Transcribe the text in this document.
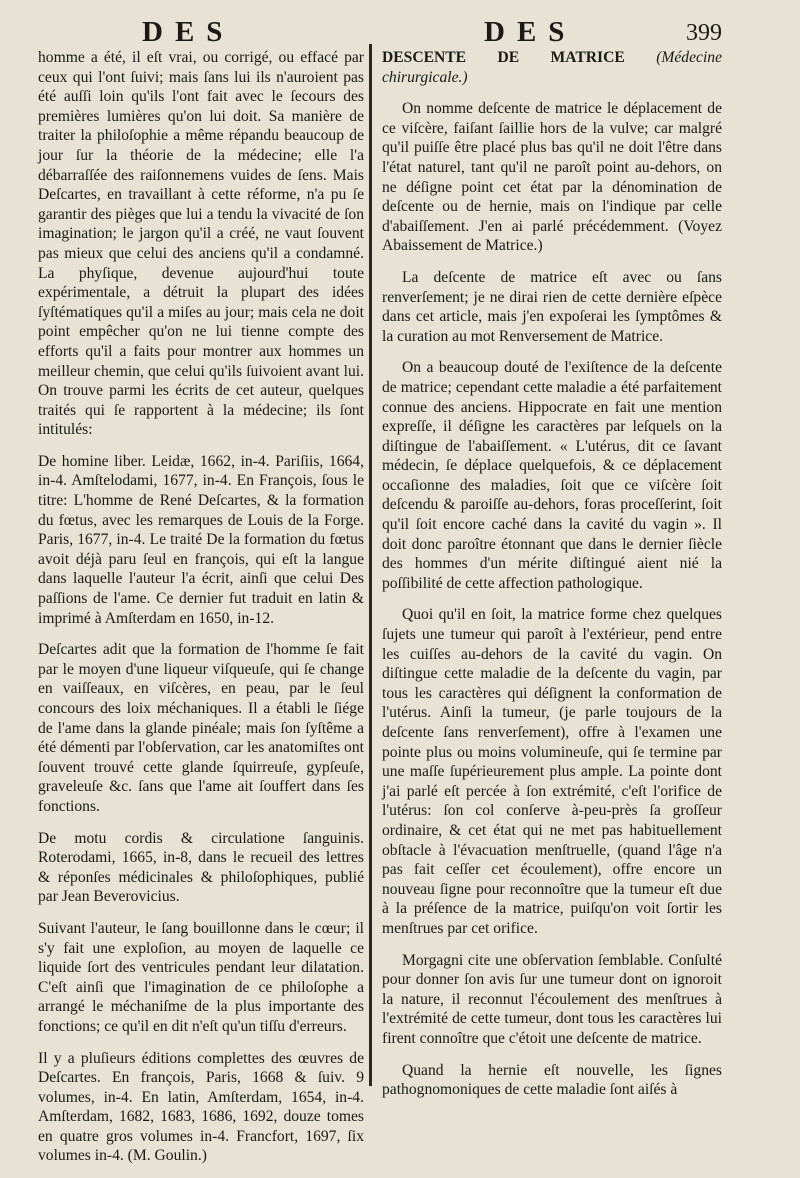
DES	DES	399

homme a été, il eſt vrai, ou corrigé, ou effacé par ceux qui l'ont ſuivi; mais ſans lui ils n'auroient pas été auſſi loin qu'ils l'ont fait avec le ſecours des premières lumières qu'on lui doit. Sa manière de traiter la philoſophie a même répandu beaucoup de jour ſur la théorie de la médecine; elle l'a débarraſſée des raiſonnemens vuides de ſens. Mais Deſcartes, en travaillant à cette réforme, n'a pu ſe garantir des pièges que lui a tendu la vivacité de ſon imagination; le jargon qu'il a créé, ne vaut ſouvent pas mieux que celui des anciens qu'il a condamné. La phyſique, devenue aujourd'hui toute expérimentale, a détruit la plupart des idées ſyſtématiques qu'il a miſes au jour; mais cela ne doit point empêcher qu'on ne lui tienne compte des efforts qu'il a faits pour montrer aux hommes un meilleur chemin, que celui qu'ils ſuivoient avant lui. On trouve parmi les écrits de cet auteur, quelques traités qui ſe rapportent à la médecine; ils ſont intitulés:

De homine liber. Leidæ, 1662, in-4. Pariſiis, 1664, in-4. Amſtelodami, 1677, in-4. En François, ſous le titre: L'homme de René Deſcartes, & la formation du fœtus, avec les remarques de Louis de la Forge. Paris, 1677, in-4. Le traité De la formation du fœtus avoit déjà paru ſeul en françois, qui eſt la langue dans laquelle l'auteur l'a écrit, ainſi que celui Des paſſions de l'ame. Ce dernier fut traduit en latin & imprimé à Amſterdam en 1650, in-12.

Deſcartes adit que la formation de l'homme ſe fait par le moyen d'une liqueur viſqueuſe, qui ſe change en vaiſſeaux, en viſcères, en peau, par le ſeul concours des loix méchaniques. Il a établi le ſiége de l'ame dans la glande pinéale; mais ſon ſyſtême a été démenti par l'obſervation, car les anatomiſtes ont ſouvent trouvé cette glande ſquirreuſe, gypſeuſe, graveleuſe &c. ſans que l'ame ait ſouffert dans ſes fonctions.

De motu cordis & circulatione ſanguinis. Roterodami, 1665, in-8, dans le recueil des lettres & réponſes médicinales & philoſophiques, publié par Jean Beverovicius.

Suivant l'auteur, le ſang bouillonne dans le cœur; il s'y fait une exploſion, au moyen de laquelle ce liquide ſort des ventricules pendant leur dilatation. C'eſt ainſi que l'imagination de ce philoſophe a arrangé le méchaniſme de la plus importante des fonctions; ce qu'il en dit n'eſt qu'un tiſſu d'erreurs.

Il y a pluſieurs éditions complettes des œuvres de Deſcartes. En françois, Paris, 1668 & ſuiv. 9 volumes, in-4. En latin, Amſterdam, 1654, in-4. Amſterdam, 1682, 1683, 1686, 1692, douze tomes en quatre gros volumes in-4. Francfort, 1697, ſix volumes in-4. (M. Goulin.)

DESCENTE DE MATRICE (Médecine chirurgicale.)

On nomme deſcente de matrice le déplacement de ce viſcère, faiſant ſaillie hors de la vulve; car malgré qu'il puiſſe être placé plus bas qu'il ne doit l'être dans l'état naturel, tant qu'il ne paroît point au-dehors, on ne déſigne point cet état par la dénomination de deſcente ou de hernie, mais on l'indique par celle d'abaiſſement. J'en ai parlé précédemment. (Voyez Abaissement de Matrice.)

La deſcente de matrice eſt avec ou ſans renverſement; je ne dirai rien de cette dernière eſpèce dans cet article, mais j'en expoſerai les ſymptômes & la curation au mot Renversement de Matrice.

On a beaucoup douté de l'exiſtence de la deſcente de matrice; cependant cette maladie a été parfaitement connue des anciens. Hippocrate en fait une mention expreſſe, il déſigne les caractères par leſquels on la diſtingue de l'abaiſſement. « L'utérus, dit ce ſavant médecin, ſe déplace quelquefois, & ce déplacement occaſionne des maladies, ſoit que ce viſcère ſoit deſcendu & paroiſſe au-dehors, foras proceſſerint, ſoit qu'il ſoit encore caché dans la cavité du vagin ». Il doit donc paroître étonnant que dans le dernier ſiècle des hommes d'un mérite diſtingué aient nié la poſſibilité de cette affection pathologique.

Quoi qu'il en ſoit, la matrice forme chez quelques ſujets une tumeur qui paroît à l'extérieur, pend entre les cuiſſes au-dehors de la cavité du vagin. On diſtingue cette maladie de la deſcente du vagin, par tous les caractères qui déſignent la conformation de l'utérus. Ainſi la tumeur, (je parle toujours de la deſcente ſans renverſement), offre à l'examen une pointe plus ou moins volumineuſe, qui ſe termine par une maſſe ſupérieurement plus ample. La pointe dont j'ai parlé eſt percée à ſon extrémité, c'eſt l'orifice de l'utérus: ſon col conſerve à-peu-près ſa groſſeur ordinaire, & cet état qui ne met pas habituellement obſtacle à l'évacuation menſtruelle, (quand l'âge n'a pas fait ceſſer cet écoulement), offre encore un nouveau ſigne pour reconnoître que la tumeur eſt due à la préſence de la matrice, puiſqu'on voit ſortir les menſtrues par cet orifice.

Morgagni cite une obſervation ſemblable. Conſulté pour donner ſon avis ſur une tumeur dont on ignoroit la nature, il reconnut l'écoulement des menſtrues à l'extrémité de cette tumeur, dont tous les caractères lui firent connoître que c'étoit une deſcente de matrice.

Quand la hernie eſt nouvelle, les ſignes pathognomoniques de cette maladie ſont aiſés à
